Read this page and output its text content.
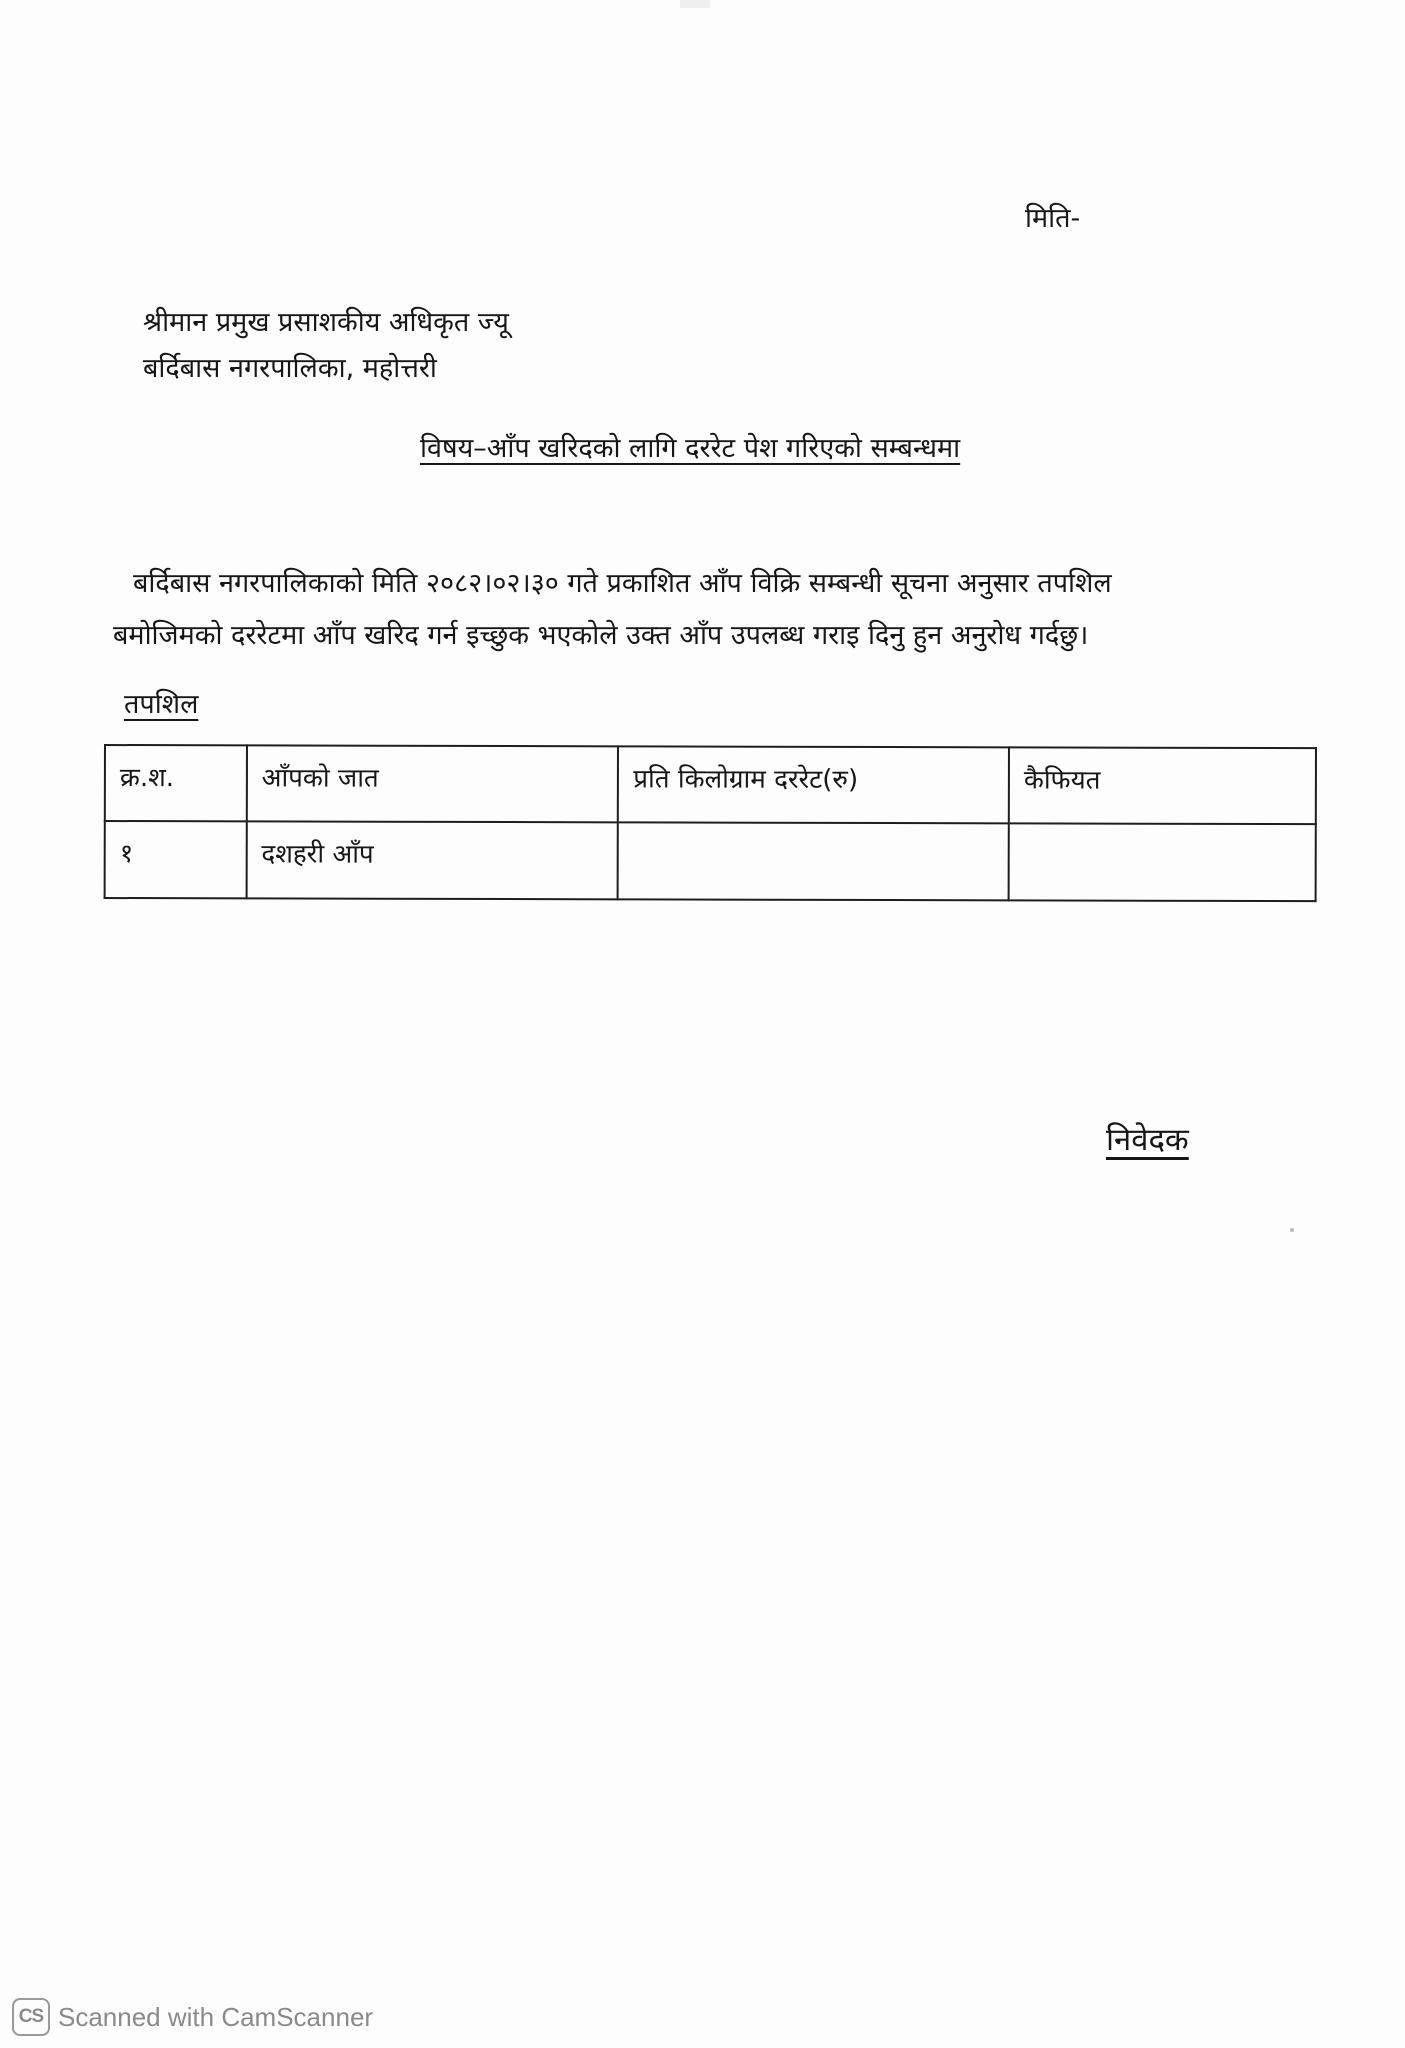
मिति-
श्रीमान प्रमुख प्रसाशकीय अधिकृत ज्यू
बर्दिबास नगरपालिका, महोत्तरी
विषय–आँप खरिदको लागि दररेट पेश गरिएको सम्बन्धमा
बर्दिबास नगरपालिकाको मिति २०८२।०२।३० गते प्रकाशित आँप विक्रि सम्बन्धी सूचना अनुसार तपशिल
बमोजिमको दररेटमा आँप खरिद गर्न इच्छुक भएकोले उक्त आँप उपलब्ध गराइ दिनु हुन अनुरोध गर्दछु।
तपशिल
क्र.श.	आँपको जात	प्रति किलोग्राम दररेट(रु)	कैफियत
१	दशहरी आँप		
निवेदक
CS Scanned with CamScanner
